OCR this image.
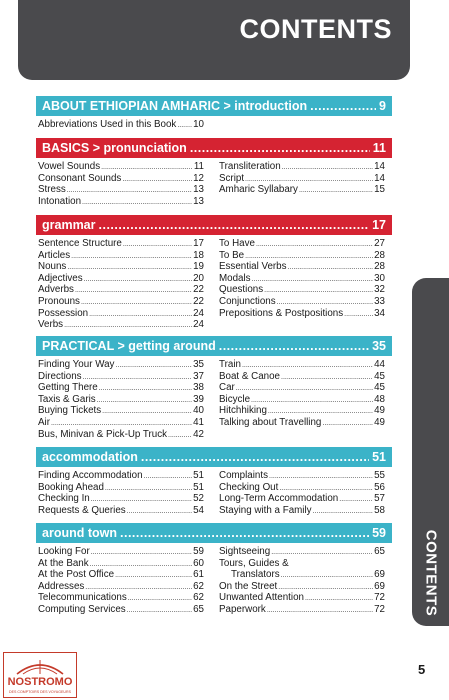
CONTENTS
CONTENTS
ABOUT ETHIOPIAN AMHARIC > introduction .....	9
Abbreviations Used in this Book ..... 10
BASICS > pronunciation .....	11
Vowel Sounds .....	11
Consonant Sounds .....	12
Stress .....	13
Intonation .....	13
Transliteration .....	14
Script .....	14
Amharic Syllabary .....	15
grammar .....	17
Sentence Structure .....	17
Articles .....	18
Nouns .....	19
Adjectives .....	20
Adverbs .....	22
Pronouns .....	22
Possession .....	24
Verbs .....	24
To Have .....	27
To Be .....	28
Essential Verbs .....	28
Modals .....	30
Questions .....	32
Conjunctions .....	33
Prepositions & Postpositions .....	34
PRACTICAL > getting around .....	35
Finding Your Way .....	35
Directions .....	37
Getting There .....	38
Taxis & Garis .....	39
Buying Tickets .....	40
Air .....	41
Bus, Minivan & Pick-Up Truck .....	42
Train .....	44
Boat & Canoe .....	45
Car .....	45
Bicycle .....	48
Hitchhiking .....	49
Talking about Travelling .....	49
accommodation .....	51
Finding Accommodation .....	51
Booking Ahead .....	51
Checking In .....	52
Requests & Queries .....	54
Complaints .....	55
Checking Out .....	56
Long-Term Accommodation .....	57
Staying with a Family .....	58
around town .....	59
Looking For .....	59
At the Bank .....	60
At the Post Office .....	61
Addresses .....	62
Telecommunications .....	62
Computing Services .....	65
Sightseeing .....	65
Tours, Guides &
Translators .....	69
On the Street .....	69
Unwanted Attention .....	72
Paperwork .....	72
5
NOSTROMO
DES COMPTOIRS DES VOYAGEURS
